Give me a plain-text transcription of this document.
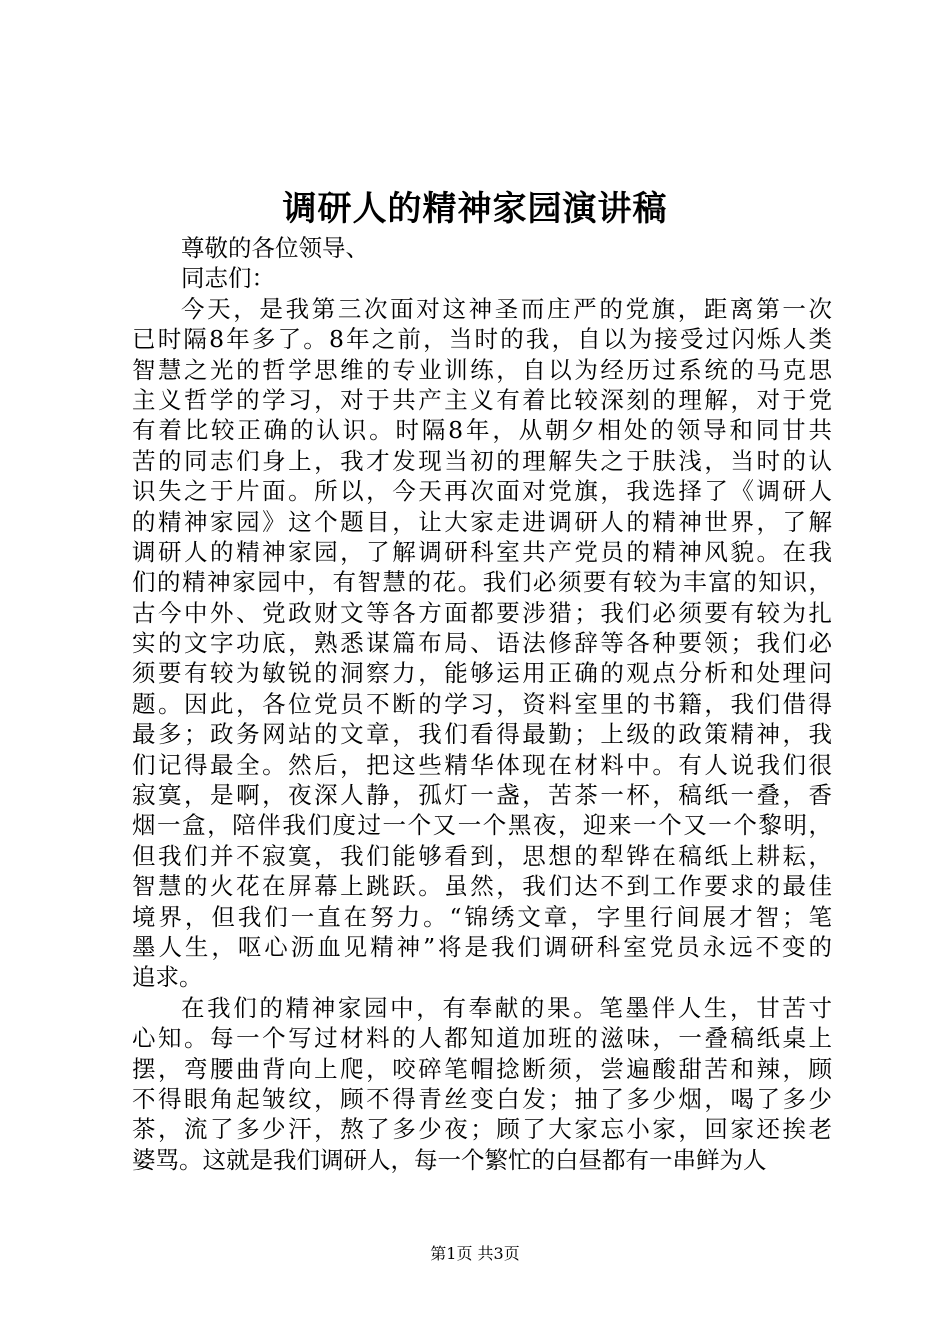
调研人的精神家园演讲稿
尊敬的各位领导、
同志们：
今天，是我第三次面对这神圣而庄严的党旗，距离第一次
已时隔8年多了。8年之前，当时的我，自以为接受过闪烁人类
智慧之光的哲学思维的专业训练，自以为经历过系统的马克思
主义哲学的学习，对于共产主义有着比较深刻的理解，对于党
有着比较正确的认识。时隔8年，从朝夕相处的领导和同甘共
苦的同志们身上，我才发现当初的理解失之于肤浅，当时的认
识失之于片面。所以，今天再次面对党旗，我选择了《调研人
的精神家园》这个题目，让大家走进调研人的精神世界，了解
调研人的精神家园，了解调研科室共产党员的精神风貌。在我
们的精神家园中，有智慧的花。我们必须要有较为丰富的知识，
古今中外、党政财文等各方面都要涉猎；我们必须要有较为扎
实的文字功底，熟悉谋篇布局、语法修辞等各种要领；我们必
须要有较为敏锐的洞察力，能够运用正确的观点分析和处理问
题。因此，各位党员不断的学习，资料室里的书籍，我们借得
最多；政务网站的文章，我们看得最勤；上级的政策精神，我
们记得最全。然后，把这些精华体现在材料中。有人说我们很
寂寞，是啊，夜深人静，孤灯一盏，苦茶一杯，稿纸一叠，香
烟一盒，陪伴我们度过一个又一个黑夜，迎来一个又一个黎明，
但我们并不寂寞，我们能够看到，思想的犁铧在稿纸上耕耘，
智慧的火花在屏幕上跳跃。虽然，我们达不到工作要求的最佳
境界，但我们一直在努力。“锦绣文章，字里行间展才智；笔
墨人生，呕心沥血见精神”将是我们调研科室党员永远不变的
追求。
在我们的精神家园中，有奉献的果。笔墨伴人生，甘苦寸
心知。每一个写过材料的人都知道加班的滋味，一叠稿纸桌上
摆，弯腰曲背向上爬，咬碎笔帽捻断须，尝遍酸甜苦和辣，顾
不得眼角起皱纹，顾不得青丝变白发；抽了多少烟，喝了多少
茶，流了多少汗，熬了多少夜；顾了大家忘小家，回家还挨老
婆骂。这就是我们调研人，每一个繁忙的白昼都有一串鲜为人
第1页 共3页
